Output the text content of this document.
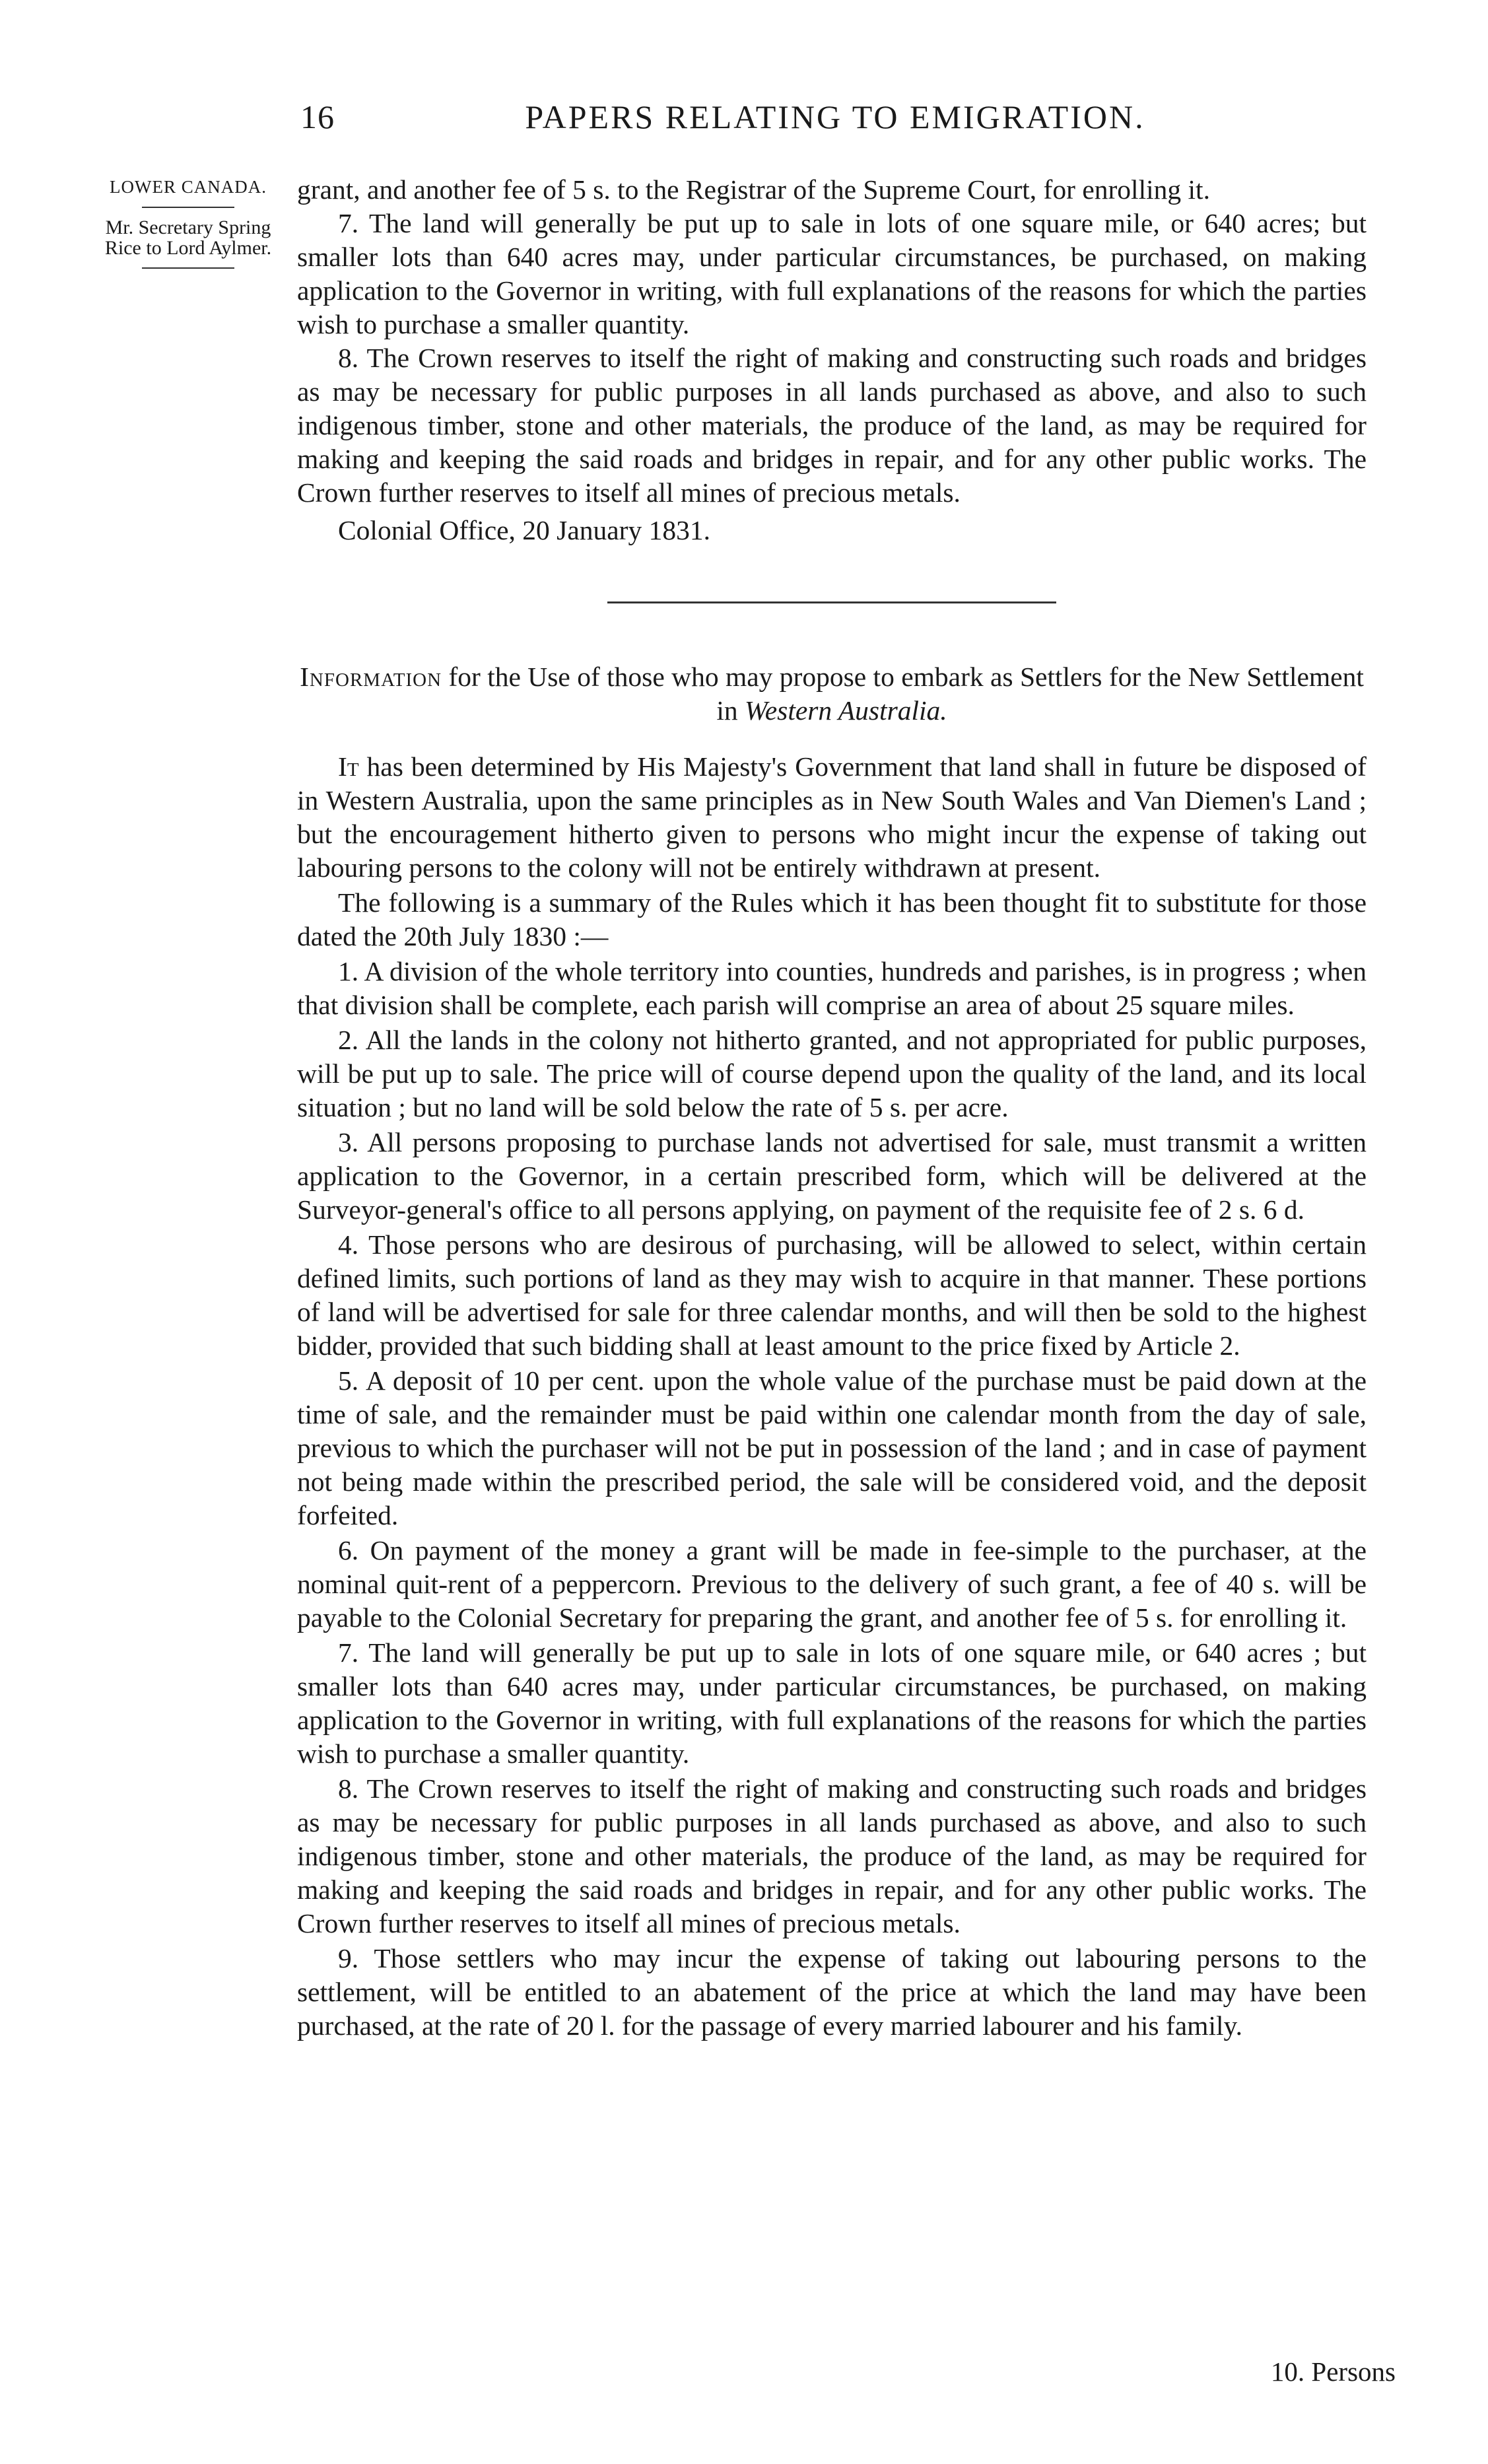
16	PAPERS RELATING TO EMIGRATION.
LOWER CANADA.
Mr. Secretary Spring Rice to Lord Aylmer.

grant, and another fee of 5 s. to the Registrar of the Supreme Court, for enrolling it.

7. The land will generally be put up to sale in lots of one square mile, or 640 acres; but smaller lots than 640 acres may, under particular circumstances, be purchased, on making application to the Governor in writing, with full explanations of the reasons for which the parties wish to purchase a smaller quantity.

8. The Crown reserves to itself the right of making and constructing such roads and bridges as may be necessary for public purposes in all lands purchased as above, and also to such indigenous timber, stone and other materials, the produce of the land, as may be required for making and keeping the said roads and bridges in repair, and for any other public works. The Crown further reserves to itself all mines of precious metals.

Colonial Office, 20 January 1831.

Information for the Use of those who may propose to embark as Settlers for the New Settlement in Western Australia.

It has been determined by His Majesty's Government that land shall in future be disposed of in Western Australia, upon the same principles as in New South Wales and Van Diemen's Land ; but the encouragement hitherto given to persons who might incur the expense of taking out labouring persons to the colony will not be entirely withdrawn at present.

The following is a summary of the Rules which it has been thought fit to substitute for those dated the 20th July 1830 :—

1. A division of the whole territory into counties, hundreds and parishes, is in progress ; when that division shall be complete, each parish will comprise an area of about 25 square miles.

2. All the lands in the colony not hitherto granted, and not appropriated for public purposes, will be put up to sale. The price will of course depend upon the quality of the land, and its local situation ; but no land will be sold below the rate of 5 s. per acre.

3. All persons proposing to purchase lands not advertised for sale, must transmit a written application to the Governor, in a certain prescribed form, which will be delivered at the Surveyor-general's office to all persons applying, on payment of the requisite fee of 2 s. 6 d.

4. Those persons who are desirous of purchasing, will be allowed to select, within certain defined limits, such portions of land as they may wish to acquire in that manner. These portions of land will be advertised for sale for three calendar months, and will then be sold to the highest bidder, provided that such bidding shall at least amount to the price fixed by Article 2.

5. A deposit of 10 per cent. upon the whole value of the purchase must be paid down at the time of sale, and the remainder must be paid within one calendar month from the day of sale, previous to which the purchaser will not be put in possession of the land ; and in case of payment not being made within the prescribed period, the sale will be considered void, and the deposit forfeited.

6. On payment of the money a grant will be made in fee-simple to the purchaser, at the nominal quit-rent of a peppercorn. Previous to the delivery of such grant, a fee of 40 s. will be payable to the Colonial Secretary for preparing the grant, and another fee of 5 s. for enrolling it.

7. The land will generally be put up to sale in lots of one square mile, or 640 acres ; but smaller lots than 640 acres may, under particular circumstances, be purchased, on making application to the Governor in writing, with full explanations of the reasons for which the parties wish to purchase a smaller quantity.

8. The Crown reserves to itself the right of making and constructing such roads and bridges as may be necessary for public purposes in all lands purchased as above, and also to such indigenous timber, stone and other materials, the produce of the land, as may be required for making and keeping the said roads and bridges in repair, and for any other public works. The Crown further reserves to itself all mines of precious metals.

9. Those settlers who may incur the expense of taking out labouring persons to the settlement, will be entitled to an abatement of the price at which the land may have been purchased, at the rate of 20 l. for the passage of every married labourer and his family.

10. Persons
